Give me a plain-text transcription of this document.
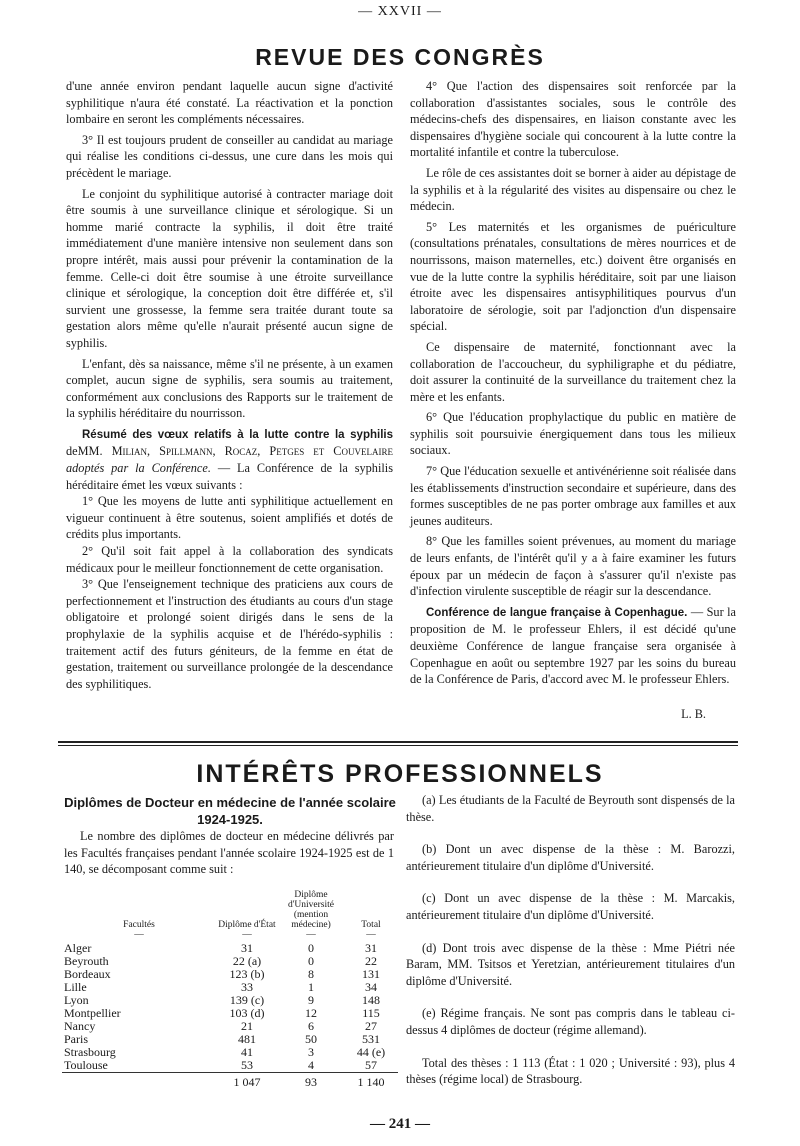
— XXVII —
REVUE DES CONGRÈS

d'une année environ pendant laquelle aucun signe d'activité syphilitique n'aura été constaté. La réactivation et la ponction lombaire en seront les compléments nécessaires.

3° Il est toujours prudent de conseiller au candidat au mariage qui réalise les conditions ci-dessus, une cure dans les mois qui précèdent le mariage.

Le conjoint du syphilitique autorisé à contracter mariage doit être soumis à une surveillance clinique et sérologique. Si un homme marié contracte la syphilis, il doit être traité immédiatement d'une manière intensive non seulement dans son propre intérêt, mais aussi pour prévenir la contamination de la femme. Celle-ci doit être soumise à une étroite surveillance clinique et sérologique, la conception doit être différée et, s'il survient une grossesse, la femme sera traitée durant toute sa gestation alors même qu'elle n'aurait présenté aucun signe de syphilis.

L'enfant, dès sa naissance, même s'il ne présente, à un examen complet, aucun signe de syphilis, sera soumis au traitement, conformément aux conclusions des Rapports sur le traitement de la syphilis héréditaire du nourrisson.

Résumé des vœux relatifs à la lutte contre la syphilis deMM. Milian, Spillmann, Rocaz, Petges et Couvelaire adoptés par la Conférence. — La Conférence de la syphilis héréditaire émet les vœux suivants :

1° Que les moyens de lutte anti syphilitique actuellement en vigueur continuent à être soutenus, soient amplifiés et dotés de crédits plus importants.

2° Qu'il soit fait appel à la collaboration des syndicats médicaux pour le meilleur fonctionnement de cette organisation.

3° Que l'enseignement technique des praticiens aux cours de perfectionnement et l'instruction des étudiants au cours d'un stage obligatoire et prolongé soient dirigés dans le sens de la prophylaxie de la syphilis acquise et de l'hérédo-syphilis : traitement actif des futurs géniteurs, de la femme en état de gestation, traitement ou surveillance prolongée de la descendance des syphilitiques.

4° Que l'action des dispensaires soit renforcée par la collaboration d'assistantes sociales, sous le contrôle des médecins-chefs des dispensaires, en liaison constante avec les dispensaires d'hygiène sociale qui concourent à la lutte contre la mortalité infantile et contre la tuberculose.

Le rôle de ces assistantes doit se borner à aider au dépistage de la syphilis et à la régularité des visites au dispensaire ou chez le médecin.

5° Les maternités et les organismes de puériculture (consultations prénatales, consultations de mères nourrices et de nourrissons, maison maternelles, etc.) doivent être organisés en vue de la lutte contre la syphilis héréditaire, soit par une liaison étroite avec les dispensaires antisyphilitiques pourvus d'un laboratoire de sérologie, soit par l'adjonction d'un dispensaire spécial.

Ce dispensaire de maternité, fonctionnant avec la collaboration de l'accoucheur, du syphiligraphe et du pédiatre, doit assurer la continuité de la surveillance du traitement chez la mère et les enfants.

6° Que l'éducation prophylactique du public en matière de syphilis soit poursuivie énergiquement dans tous les milieux sociaux.

7° Que l'éducation sexuelle et antivénérienne soit réalisée dans les établissements d'instruction secondaire et supérieure, dans des formes susceptibles de ne pas porter ombrage aux familles et aux jeunes auditeurs.

8° Que les familles soient prévenues, au moment du mariage de leurs enfants, de l'intérêt qu'il y a à faire examiner les futurs époux par un médecin de façon à s'assurer qu'il n'existe pas d'infection virulente susceptible de réagir sur la descendance.

Conférence de langue française à Copenhague. — Sur la proposition de M. le professeur Ehlers, il est décidé qu'une deuxième Conférence de langue française sera organisée à Copenhague en août ou septembre 1927 par les soins du bureau de la Conférence de Paris, d'accord avec M. le professeur Ehlers.

L. B.

INTÉRÊTS PROFESSIONNELS
Diplômes de Docteur en médecine de l'année scolaire 1924-1925.

Le nombre des diplômes de docteur en médecine délivrés par les Facultés françaises pendant l'année scolaire 1924-1925 est de 1 140, se décomposant comme suit :

Facultés
—	Diplôme d'État
—	Diplôme d'Université (mention médecine)
—	Total
—
Alger	31	0	31
Beyrouth	22 (a)	0	22
Bordeaux	123 (b)	8	131
Lille	33	1	34
Lyon	139 (c)	9	148
Montpellier	103 (d)	12	115
Nancy	21	6	27
Paris	481	50	531
Strasbourg	41	3	44 (e)
Toulouse	53	4	57
	1 047	93	1 140

(a) Les étudiants de la Faculté de Beyrouth sont dispensés de la thèse.

(b) Dont un avec dispense de la thèse : M. Barozzi, antérieurement titulaire d'un diplôme d'Université.

(c) Dont un avec dispense de la thèse : M. Marcakis, antérieurement titulaire d'un diplôme d'Université.

(d) Dont trois avec dispense de la thèse : Mme Piétri née Baram, MM. Tsitsos et Yeretzian, antérieurement titulaires d'un diplôme d'Université.

(e) Régime français. Ne sont pas compris dans le tableau ci-dessus 4 diplômes de docteur (régime allemand).

Total des thèses : 1 113 (État : 1 020 ; Université : 93), plus 4 thèses (régime local) de Strasbourg.

— 241 —
